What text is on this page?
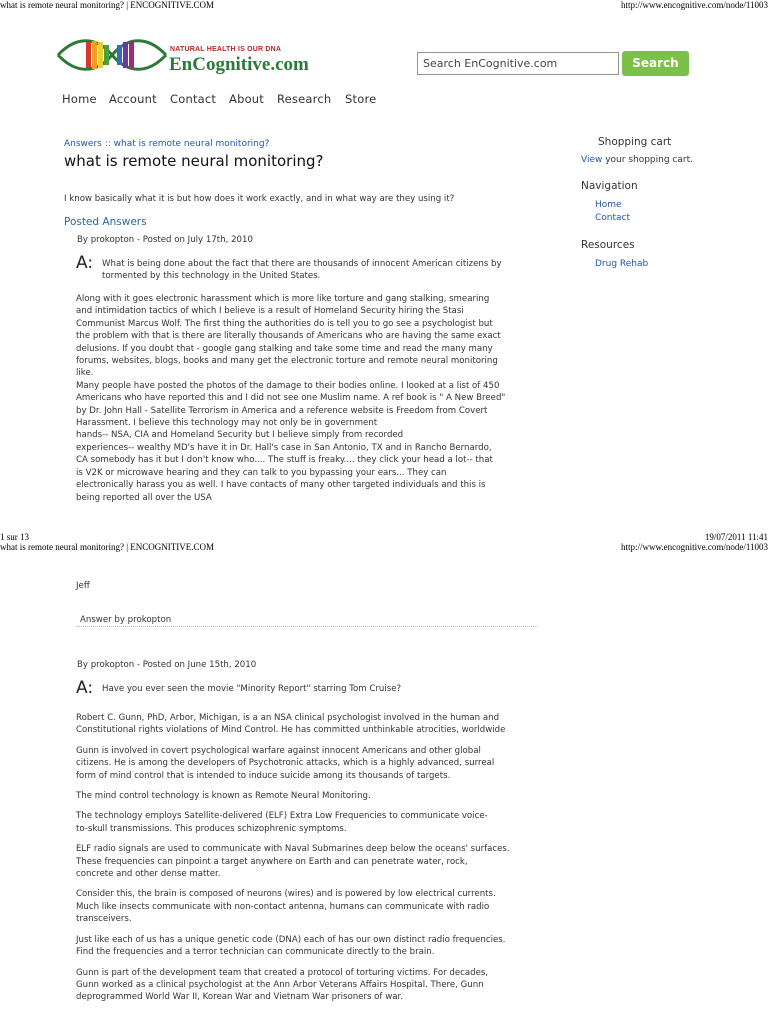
what is remote neural monitoring? | ENCOGNITIVE.COM	http://www.encognitive.com/node/11003
NATURAL HEALTH IS OUR DNA
EnCognitive.com	Search EnCognitive.com	Search
Home Account Contact About Research Store
Answers :: what is remote neural monitoring?
what is remote neural monitoring?
I know basically what it is but how does it work exactly, and in what way are they using it?
Posted Answers
By prokopton - Posted on July 17th, 2010
A: What is being done about the fact that there are thousands of innocent American citizens by tormented by this technology in the United States.
Along with it goes electronic harassment which is more like torture and gang stalking, smearing
and intimidation tactics of which I believe is a result of Homeland Security hiring the Stasi
Communist Marcus Wolf. The first thing the authorities do is tell you to go see a psychologist but
the problem with that is there are literally thousands of Americans who are having the same exact
delusions. If you doubt that - google gang stalking and take some time and read the many many
forums, websites, blogs, books and many get the electronic torture and remote neural monitoring
like.
Many people have posted the photos of the damage to their bodies online. I looked at a list of 450
Americans who have reported this and I did not see one Muslim name. A ref book is " A New Breed"
by Dr. John Hall - Satellite Terrorism in America and a reference website is Freedom from Covert
Harassment. I believe this technology may not only be in government
hands-- NSA, CIA and Homeland Security but I believe simply from recorded
experiences-- wealthy MD's have it in Dr. Hall's case in San Antonio, TX and in Rancho Bernardo,
CA somebody has it but I don't know who.... The stuff is freaky.... they click your head a lot-- that
is V2K or microwave hearing and they can talk to you bypassing your ears... They can
electronically harass you as well. I have contacts of many other targeted individuals and this is
being reported all over the USA
Shopping cart
View your shopping cart.
Navigation
Home
Contact
Resources
Drug Rehab
1 sur 13	19/07/2011 11:41
what is remote neural monitoring? | ENCOGNITIVE.COM	http://www.encognitive.com/node/11003
Jeff
Answer by prokopton
By prokopton - Posted on June 15th, 2010
A: Have you ever seen the movie "Minority Report" starring Tom Cruise?
Robert C. Gunn, PhD, Arbor, Michigan, is a an NSA clinical psychologist involved in the human and
Constitutional rights violations of Mind Control. He has committed unthinkable atrocities, worldwide
Gunn is involved in covert psychological warfare against innocent Americans and other global
citizens. He is among the developers of Psychotronic attacks, which is a highly advanced, surreal
form of mind control that is intended to induce suicide among its thousands of targets.
The mind control technology is known as Remote Neural Monitoring.
The technology employs Satellite-delivered (ELF) Extra Low Frequencies to communicate voice-
to-skull transmissions. This produces schizophrenic symptoms.
ELF radio signals are used to communicate with Naval Submarines deep below the oceans' surfaces.
These frequencies can pinpoint a target anywhere on Earth and can penetrate water, rock,
concrete and other dense matter.
Consider this, the brain is composed of neurons (wires) and is powered by low electrical currents.
Much like insects communicate with non-contact antenna, humans can communicate with radio
transceivers.
Just like each of us has a unique genetic code (DNA) each of has our own distinct radio frequencies.
Find the frequencies and a terror technician can communicate directly to the brain.
Gunn is part of the development team that created a protocol of torturing victims. For decades,
Gunn worked as a clinical psychologist at the Ann Arbor Veterans Affairs Hospital. There, Gunn
deprogrammed World War II, Korean War and Vietnam War prisoners of war.
